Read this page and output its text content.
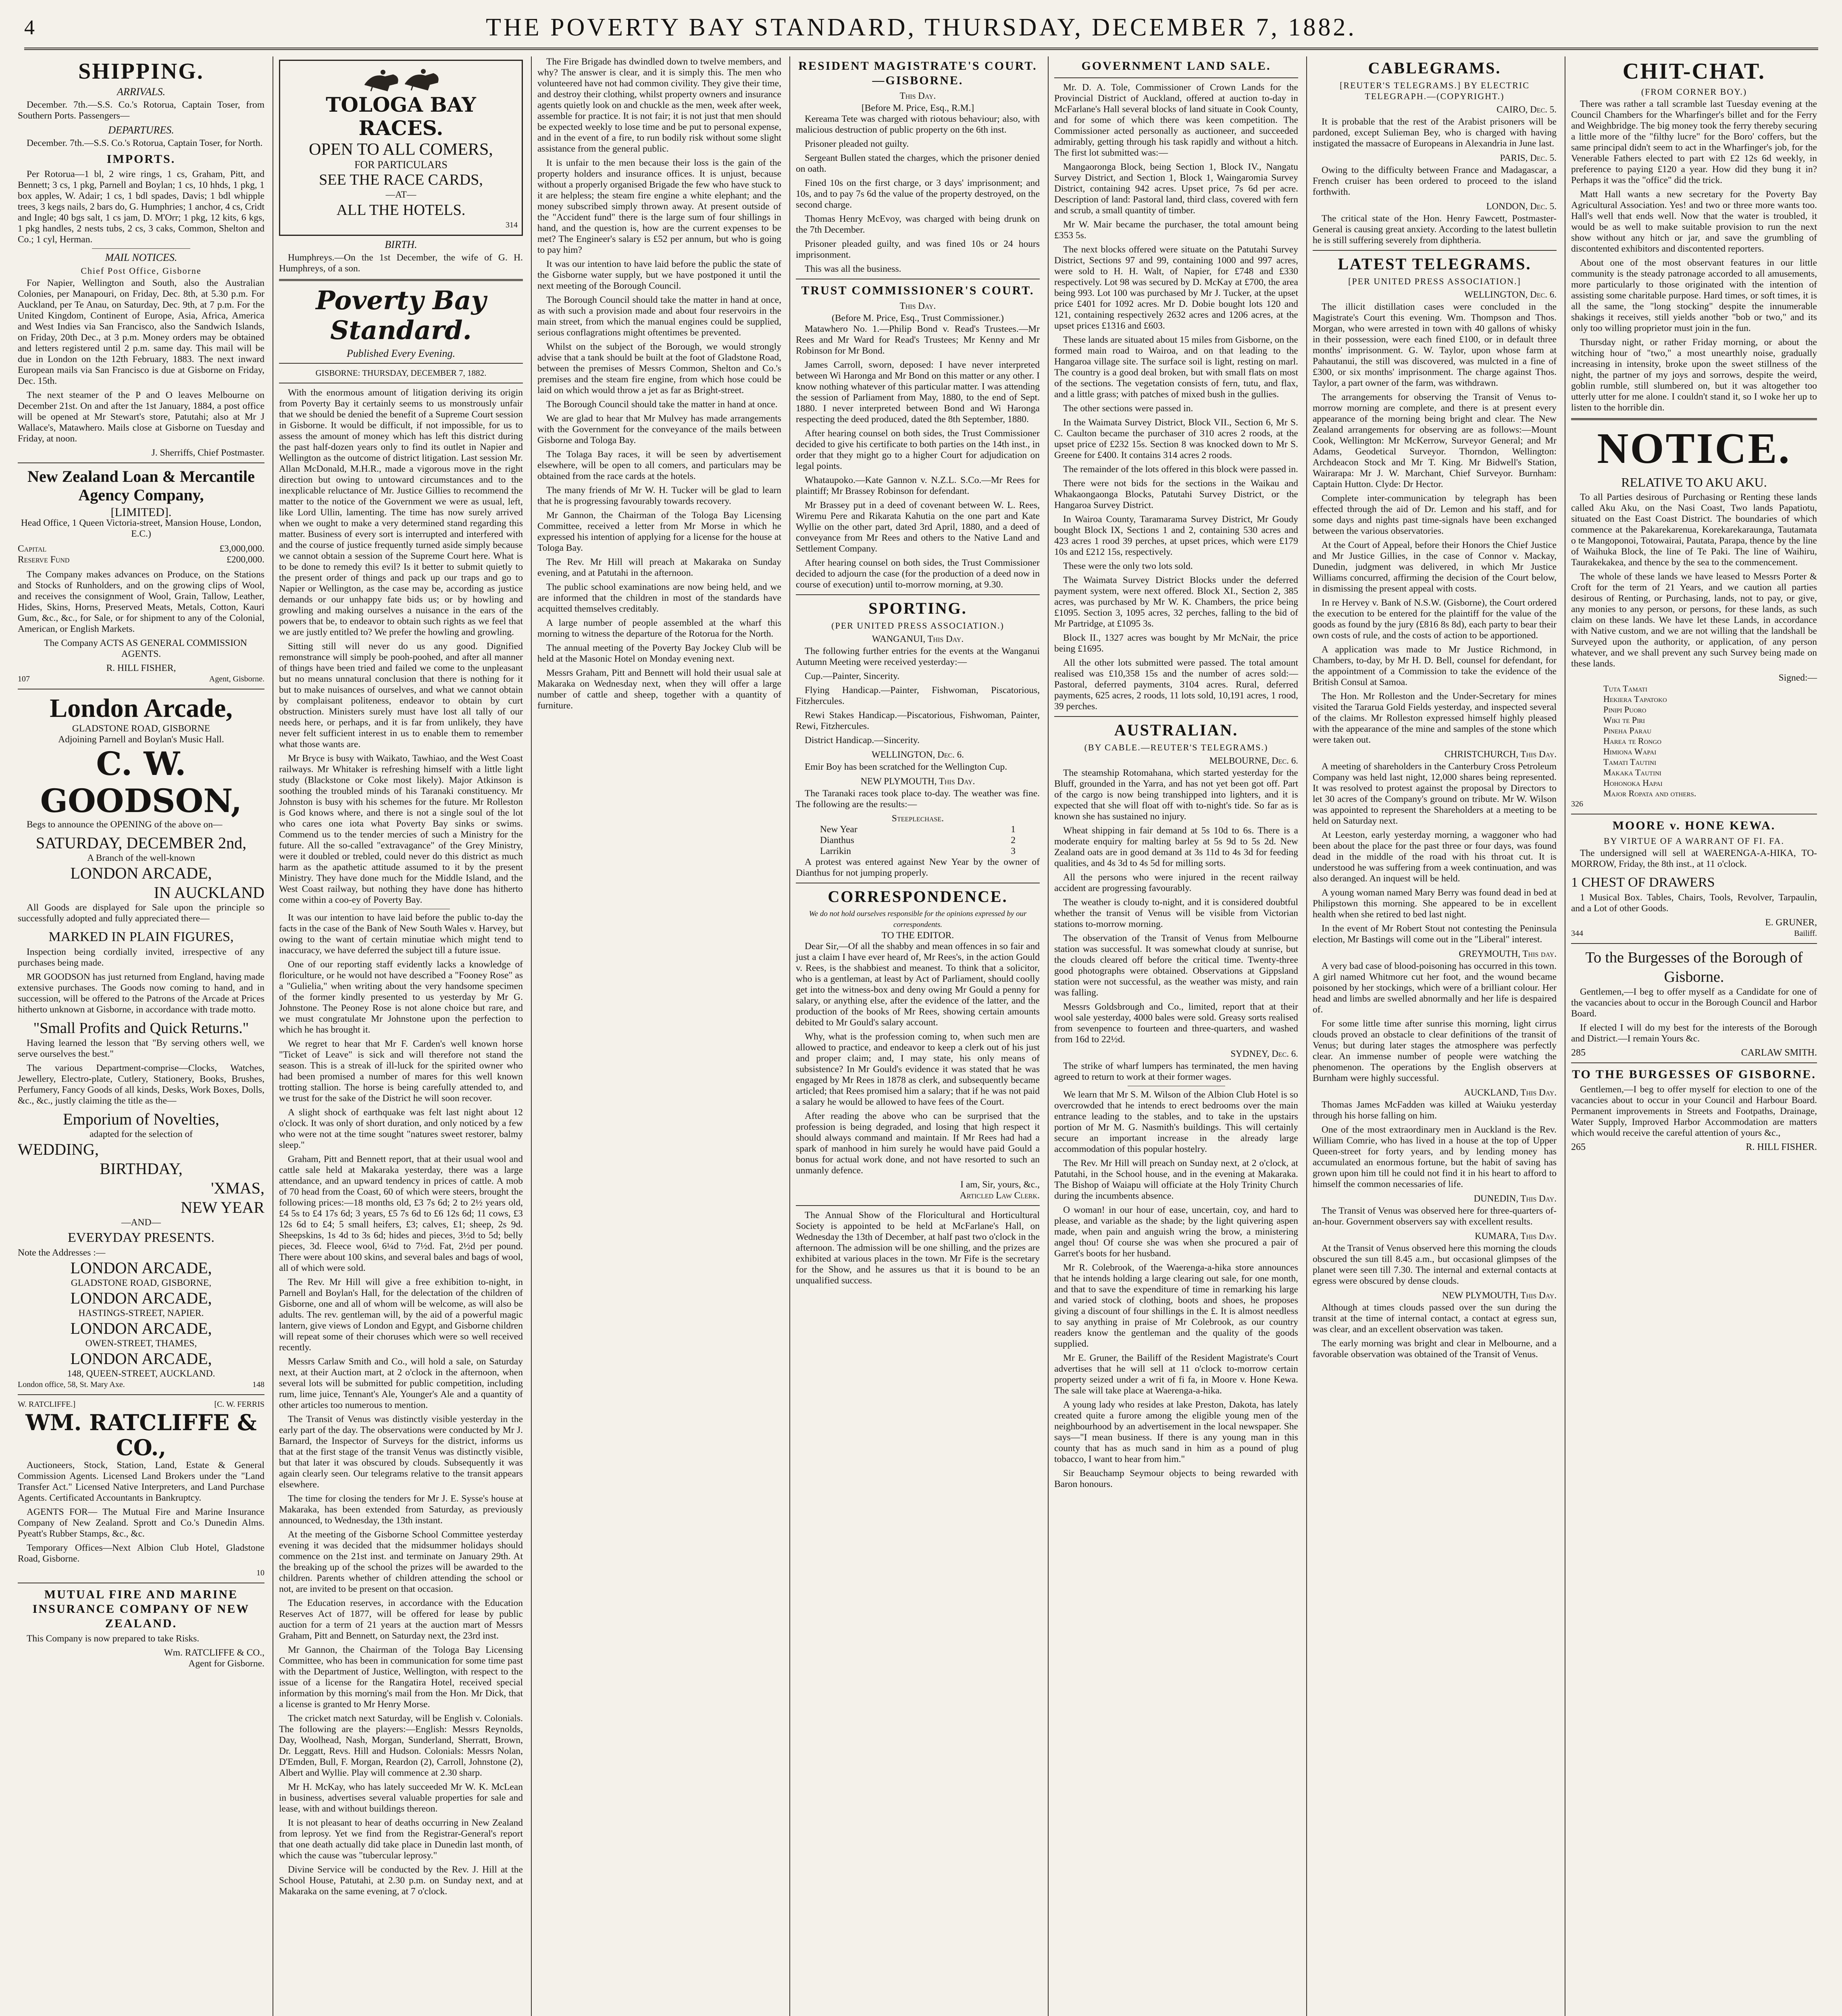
4	THE POVERTY BAY STANDARD, THURSDAY, DECEMBER 7, 1882.
SHIPPING.
ARRIVALS.

December. 7th.—S.S. Co.'s Rotorua, Captain Toser, from Southern Ports. Passengers—

DEPARTURES.

December. 7th.—S.S. Co.'s Rotorua, Captain Toser, for North.

IMPORTS.

Per Rotorua—1 bl, 2 wire rings, 1 cs, Graham, Pitt, and Bennett; 3 cs, 1 pkg, Parnell and Boylan; 1 cs, 10 hhds, 1 pkg, 1 box apples, W. Adair; 1 cs, 1 bdl spades, Davis; 1 bdl whipple trees, 3 kegs nails, 2 bars do, G. Humphries; 1 anchor, 4 cs, Cridt and Ingle; 40 bgs salt, 1 cs jam, D. M'Orr; 1 pkg, 12 kits, 6 kgs, 1 pkg handles, 2 nests tubs, 2 cs, 3 caks, Common, Shelton and Co.; 1 cyl, Herman.

MAIL NOTICES.
Chief Post Office, Gisborne

For Napier, Wellington and South, also the Australian Colonies, per Manapouri, on Friday, Dec. 8th, at 5.30 p.m. For Auckland, per Te Anau, on Saturday, Dec. 9th, at 7 p.m. For the United Kingdom, Continent of Europe, Asia, Africa, America and West Indies via San Francisco, also the Sandwich Islands, on Friday, 20th Dec., at 3 p.m. Money orders may be obtained and letters registered until 2 p.m. same day. This mail will be due in London on the 12th February, 1883. The next inward European mails via San Francisco is due at Gisborne on Friday, Dec. 15th.

The next steamer of the P and O leaves Melbourne on December 21st. On and after the 1st January, 1884, a post office will be opened at Mr Stewart's store, Patutahi; also at Mr J Wallace's, Matawhero. Mails close at Gisborne on Tuesday and Friday, at noon.

J. Sherriffs, Chief Postmaster.
New Zealand Loan & Mercantile Agency Company,
[LIMITED].
Head Office, 1 Queen Victoria-street, Mansion House, London, E.C.)
Capital	£3,000,000.
Reserve Fund	£200,000.

The Company makes advances on Produce, on the Stations and Stocks of Runholders, and on the growing clips of Wool, and receives the consignment of Wool, Grain, Tallow, Leather, Hides, Skins, Horns, Preserved Meats, Metals, Cotton, Kauri Gum, &c., &c., for Sale, or for shipment to any of the Colonial, American, or English Markets.

The Company ACTS AS GENERAL COMMISSION AGENTS.

R. HILL FISHER,
107	Agent, Gisborne.
London Arcade,
GLADSTONE ROAD, GISBORNE
Adjoining Parnell and Boylan's Music Hall.
C. W. GOODSON,

Begs to announce the OPENING of the above on—

SATURDAY, DECEMBER 2nd,
A Branch of the well-known
LONDON ARCADE,
IN AUCKLAND

All Goods are displayed for Sale upon the principle so successfully adopted and fully appreciated there—

MARKED IN PLAIN FIGURES,

Inspection being cordially invited, irrespective of any purchases being made.

MR GOODSON has just returned from England, having made extensive purchases. The Goods now coming to hand, and in succession, will be offered to the Patrons of the Arcade at Prices hitherto unknown at Gisborne, in accordance with trade motto.

"Small Profits and Quick Returns."

Having learned the lesson that "By serving others well, we serve ourselves the best."

The various Department-comprise—Clocks, Watches, Jewellery, Electro-plate, Cutlery, Stationery, Books, Brushes, Perfumery, Fancy Goods of all kinds, Desks, Work Boxes, Dolls, &c., &c., justly claiming the title as the—

Emporium of Novelties,
adapted for the selection of
WEDDING,
BIRTHDAY,
'XMAS,
NEW YEAR
—AND—
EVERYDAY PRESENTS.
Note the Addresses :—
LONDON ARCADE,
GLADSTONE ROAD, GISBORNE,
LONDON ARCADE,
HASTINGS-STREET, NAPIER.
LONDON ARCADE,
OWEN-STREET, THAMES,
LONDON ARCADE,
148, QUEEN-STREET, AUCKLAND.
London office, 58, St. Mary Axe.	148
W. RATCLIFFE.]	[C. W. FERRIS
WM. RATCLIFFE & CO.,

Auctioneers, Stock, Station, Land, Estate & General Commission Agents. Licensed Land Brokers under the "Land Transfer Act." Licensed Native Interpreters, and Land Purchase Agents. Certificated Accountants in Bankruptcy.

AGENTS FOR— The Mutual Fire and Marine Insurance Company of New Zealand. Sprott and Co.'s Dunedin Alms. Pyeatt's Rubber Stamps, &c., &c.

Temporary Offices—Next Albion Club Hotel, Gladstone Road, Gisborne.

10
MUTUAL FIRE AND MARINE INSURANCE COMPANY OF NEW ZEALAND.

This Company is now prepared to take Risks.

Wm. RATCLIFFE & CO.,
Agent for Gisborne.
TOLOGA BAY RACES.
OPEN TO ALL COMERS,
FOR PARTICULARS
SEE THE RACE CARDS,
—AT—
ALL THE HOTELS.
314
BIRTH.

Humphreys.—On the 1st December, the wife of G. H. Humphreys, of a son.

Poverty Bay Standard.
Published Every Evening.
GISBORNE: THURSDAY, DECEMBER 7, 1882.

With the enormous amount of litigation deriving its origin from Poverty Bay it certainly seems to us monstrously unfair that we should be denied the benefit of a Supreme Court session in Gisborne. It would be difficult, if not impossible, for us to assess the amount of money which has left this district during the past half-dozen years only to find its outlet in Napier and Wellington as the outcome of district litigation. Last session Mr. Allan McDonald, M.H.R., made a vigorous move in the right direction but owing to untoward circumstances and to the inexplicable reluctance of Mr. Justice Gillies to recommend the matter to the notice of the Government we were as usual, left, like Lord Ullin, lamenting. The time has now surely arrived when we ought to make a very determined stand regarding this matter. Business of every sort is interrupted and interfered with and the course of justice frequently turned aside simply because we cannot obtain a session of the Supreme Court here. What is to be done to remedy this evil? Is it better to submit quietly to the present order of things and pack up our traps and go to Napier or Wellington, as the case may be, according as justice demands or our unhappy fate bids us; or by howling and growling and making ourselves a nuisance in the ears of the powers that be, to endeavor to obtain such rights as we feel that we are justly entitled to? We prefer the howling and growling.

Sitting still will never do us any good. Dignified remonstrance will simply be pooh-poohed, and after all manner of things have been tried and failed we come to the unpleasant but no means unnatural conclusion that there is nothing for it but to make nuisances of ourselves, and what we cannot obtain by complaisant politeness, endeavor to obtain by curt obstruction. Ministers surely must have lost all tally of our needs here, or perhaps, and it is far from unlikely, they have never felt sufficient interest in us to enable them to remember what those wants are.

Mr Bryce is busy with Waikato, Tawhiao, and the West Coast railways. Mr Whitaker is refreshing himself with a little light study (Blackstone or Coke most likely). Major Atkinson is soothing the troubled minds of his Taranaki constituency. Mr Johnston is busy with his schemes for the future. Mr Rolleston is God knows where, and there is not a single soul of the lot who cares one iota what Poverty Bay sinks or swims. Commend us to the tender mercies of such a Ministry for the future. All the so-called "extravagance" of the Grey Ministry, were it doubled or trebled, could never do this district as much harm as the apathetic attitude assumed to it by the present Ministry. They have done much for the Middle Island, and the West Coast railway, but nothing they have done has hitherto come within a coo-ey of Poverty Bay.

It was our intention to have laid before the public to-day the facts in the case of the Bank of New South Wales v. Harvey, but owing to the want of certain minutiae which might tend to inaccuracy, we have deferred the subject till a future issue.

One of our reporting staff evidently lacks a knowledge of floriculture, or he would not have described a "Fooney Rose" as a "Gulielia," when writing about the very handsome specimen of the former kindly presented to us yesterday by Mr G. Johnstone. The Peoney Rose is not alone choice but rare, and we must congratulate Mr Johnstone upon the perfection to which he has brought it.

We regret to hear that Mr F. Carden's well known horse "Ticket of Leave" is sick and will therefore not stand the season. This is a streak of ill-luck for the spirited owner who had been promised a number of mares for this well known trotting stallion. The horse is being carefully attended to, and we trust for the sake of the District he will soon recover.

A slight shock of earthquake was felt last night about 12 o'clock. It was only of short duration, and only noticed by a few who were not at the time sought "natures sweet restorer, balmy sleep."

Graham, Pitt and Bennett report, that at their usual wool and cattle sale held at Makaraka yesterday, there was a large attendance, and an upward tendency in prices of cattle. A mob of 70 head from the Coast, 60 of which were steers, brought the following prices:—18 months old, £3 7s 6d; 2 to 2½ years old, £4 5s to £4 17s 6d; 3 years, £5 7s 6d to £6 12s 6d; 11 cows, £3 12s 6d to £4; 5 small heifers, £3; calves, £1; sheep, 2s 9d. Sheepskins, 1s 4d to 3s 6d; hides and pieces, 3½d to 5d; belly pieces, 3d. Fleece wool, 6¼d to 7½d. Fat, 2½d per pound. There were about 100 skins, and several bales and bags of wool, all of which were sold.

The Rev. Mr Hill will give a free exhibition to-night, in Parnell and Boylan's Hall, for the delectation of the children of Gisborne, one and all of whom will be welcome, as will also be adults. The rev. gentleman will, by the aid of a powerful magic lantern, give views of London and Egypt, and Gisborne children will repeat some of their choruses which were so well received recently.

Messrs Carlaw Smith and Co., will hold a sale, on Saturday next, at their Auction mart, at 2 o'clock in the afternoon, when several lots will be submitted for public competition, including rum, lime juice, Tennant's Ale, Younger's Ale and a quantity of other articles too numerous to mention.

The Transit of Venus was distinctly visible yesterday in the early part of the day. The observations were conducted by Mr J. Barnard, the Inspector of Surveys for the district, informs us that at the first stage of the transit Venus was distinctly visible, but that later it was obscured by clouds. Subsequently it was again clearly seen. Our telegrams relative to the transit appears elsewhere.

The time for closing the tenders for Mr J. E. Sysse's house at Makaraka, has been extended from Saturday, as previously announced, to Wednesday, the 13th instant.

At the meeting of the Gisborne School Committee yesterday evening it was decided that the midsummer holidays should commence on the 21st inst. and terminate on January 29th. At the breaking up of the school the prizes will be awarded to the children. Parents whether of children attending the school or not, are invited to be present on that occasion.

The Education reserves, in accordance with the Education Reserves Act of 1877, will be offered for lease by public auction for a term of 21 years at the auction mart of Messrs Graham, Pitt and Bennett, on Saturday next, the 23rd inst.

Mr Gannon, the Chairman of the Tologa Bay Licensing Committee, who has been in communication for some time past with the Department of Justice, Wellington, with respect to the issue of a license for the Rangatira Hotel, received special information by this morning's mail from the Hon. Mr Dick, that a license is granted to Mr Henry Morse.

The cricket match next Saturday, will be English v. Colonials. The following are the players:—English: Messrs Reynolds, Day, Woolhead, Nash, Morgan, Sunderland, Sherratt, Brown, Dr. Leggatt, Revs. Hill and Hudson. Colonials: Messrs Nolan, D'Emden, Bull, F. Morgan, Reardon (2), Carroll, Johnstone (2), Albert and Wyllie. Play will commence at 2.30 sharp.

Mr H. McKay, who has lately succeeded Mr W. K. McLean in business, advertises several valuable properties for sale and lease, with and without buildings thereon.

It is not pleasant to hear of deaths occurring in New Zealand from leprosy. Yet we find from the Registrar-General's report that one death actually did take place in Dunedin last month, of which the cause was "tubercular leprosy."

Divine Service will be conducted by the Rev. J. Hill at the School House, Patutahi, at 2.30 p.m. on Sunday next, and at Makaraka on the same evening, at 7 o'clock.

The Fire Brigade has dwindled down to twelve members, and why? The answer is clear, and it is simply this. The men who volunteered have not had common civility. They give their time, and destroy their clothing, whilst property owners and insurance agents quietly look on and chuckle as the men, week after week, assemble for practice. It is not fair; it is not just that men should be expected weekly to lose time and be put to personal expense, and in the event of a fire, to run bodily risk without some slight assistance from the general public.

It is unfair to the men because their loss is the gain of the property holders and insurance offices. It is unjust, because without a properly organised Brigade the few who have stuck to it are helpless; the steam fire engine a white elephant; and the money subscribed simply thrown away. At present outside of the "Accident fund" there is the large sum of four shillings in hand, and the question is, how are the current expenses to be met? The Engineer's salary is £52 per annum, but who is going to pay him?

It was our intention to have laid before the public the state of the Gisborne water supply, but we have postponed it until the next meeting of the Borough Council.

The Borough Council should take the matter in hand at once, as with such a provision made and about four reservoirs in the main street, from which the manual engines could be supplied, serious conflagrations might oftentimes be prevented.

Whilst on the subject of the Borough, we would strongly advise that a tank should be built at the foot of Gladstone Road, between the premises of Messrs Common, Shelton and Co.'s premises and the steam fire engine, from which hose could be laid on which would throw a jet as far as Bright-street.

The Borough Council should take the matter in hand at once.

We are glad to hear that Mr Mulvey has made arrangements with the Government for the conveyance of the mails between Gisborne and Tologa Bay.

The Tolaga Bay races, it will be seen by advertisement elsewhere, will be open to all comers, and particulars may be obtained from the race cards at the hotels.

The many friends of Mr W. H. Tucker will be glad to learn that he is progressing favourably towards recovery.

Mr Gannon, the Chairman of the Tologa Bay Licensing Committee, received a letter from Mr Morse in which he expressed his intention of applying for a license for the house at Tologa Bay.

The Rev. Mr Hill will preach at Makaraka on Sunday evening, and at Patutahi in the afternoon.

The public school examinations are now being held, and we are informed that the children in most of the standards have acquitted themselves creditably.

A large number of people assembled at the wharf this morning to witness the departure of the Rotorua for the North.

The annual meeting of the Poverty Bay Jockey Club will be held at the Masonic Hotel on Monday evening next.

Messrs Graham, Pitt and Bennett will hold their usual sale at Makaraka on Wednesday next, when they will offer a large number of cattle and sheep, together with a quantity of furniture.

RESIDENT MAGISTRATE'S COURT.—GISBORNE.
This Day.
[Before M. Price, Esq., R.M.]

Kereama Tete was charged with riotous behaviour; also, with malicious destruction of public property on the 6th inst.

Prisoner pleaded not guilty.

Sergeant Bullen stated the charges, which the prisoner denied on oath.

Fined 10s on the first charge, or 3 days' imprisonment; and 10s, and to pay 7s 6d the value of the property destroyed, on the second charge.

Thomas Henry McEvoy, was charged with being drunk on the 7th December.

Prisoner pleaded guilty, and was fined 10s or 24 hours imprisonment.

This was all the business.

TRUST COMMISSIONER'S COURT.
This Day.
(Before M. Price, Esq., Trust Commissioner.)

Matawhero No. 1.—Philip Bond v. Read's Trustees.—Mr Rees and Mr Ward for Read's Trustees; Mr Kenny and Mr Robinson for Mr Bond.

James Carroll, sworn, deposed: I have never interpreted between Wi Haronga and Mr Bond on this matter or any other. I know nothing whatever of this particular matter. I was attending the session of Parliament from May, 1880, to the end of Sept. 1880. I never interpreted between Bond and Wi Haronga respecting the deed produced, dated the 8th September, 1880.

After hearing counsel on both sides, the Trust Commissioner decided to give his certificate to both parties on the 14th inst., in order that they might go to a higher Court for adjudication on legal points.

Whataupoko.—Kate Gannon v. N.Z.L. S.Co.—Mr Rees for plaintiff; Mr Brassey Robinson for defendant.

Mr Brassey put in a deed of covenant between W. L. Rees, Wiremu Pere and Rikarata Kahutia on the one part and Kate Wyllie on the other part, dated 3rd April, 1880, and a deed of conveyance from Mr Rees and others to the Native Land and Settlement Company.

After hearing counsel on both sides, the Trust Commissioner decided to adjourn the case (for the production of a deed now in course of execution) until to-morrow morning, at 9.30.

SPORTING.
(PER UNITED PRESS ASSOCIATION.)
WANGANUI, This Day.

The following further entries for the events at the Wanganui Autumn Meeting were received yesterday:—

Cup.—Painter, Sincerity.

Flying Handicap.—Painter, Fishwoman, Piscatorious, Fitzhercules.

Rewi Stakes Handicap.—Piscatorious, Fishwoman, Painter, Rewi, Fitzhercules.

District Handicap.—Sincerity.

WELLINGTON, Dec. 6.

Emir Boy has been scratched for the Wellington Cup.

NEW PLYMOUTH, This Day.

The Taranaki races took place to-day. The weather was fine. The following are the results:—

Steeplechase.
New Year	1
Dianthus	2
Larrikin	3

A protest was entered against New Year by the owner of Dianthus for not jumping properly.

CORRESPONDENCE.
We do not hold ourselves responsible for the opinions expressed by our correspondents.
TO THE EDITOR.

Dear Sir,—Of all the shabby and mean offences in so fair and just a claim I have ever heard of, Mr Rees's, in the action Gould v. Rees, is the shabbiest and meanest. To think that a solicitor, who is a gentleman, at least by Act of Parliament, should coolly get into the witness-box and deny owing Mr Gould a penny for salary, or anything else, after the evidence of the latter, and the production of the books of Mr Rees, showing certain amounts debited to Mr Gould's salary account.

Why, what is the profession coming to, when such men are allowed to practice, and endeavor to keep a clerk out of his just and proper claim; and, I may state, his only means of subsistence? In Mr Gould's evidence it was stated that he was engaged by Mr Rees in 1878 as clerk, and subsequently became articled; that Rees promised him a salary; that if he was not paid a salary he would be allowed to have fees of the Court.

After reading the above who can be surprised that the profession is being degraded, and losing that high respect it should always command and maintain. If Mr Rees had had a spark of manhood in him surely he would have paid Gould a bonus for actual work done, and not have resorted to such an unmanly defence.

I am, Sir, yours, &c.,
Articled Law Clerk.

The Annual Show of the Floricultural and Horticultural Society is appointed to be held at McFarlane's Hall, on Wednesday the 13th of December, at half past two o'clock in the afternoon. The admission will be one shilling, and the prizes are exhibited at various places in the town. Mr Fife is the secretary for the Show, and he assures us that it is bound to be an unqualified success.

GOVERNMENT LAND SALE.

Mr. D. A. Tole, Commissioner of Crown Lands for the Provincial District of Auckland, offered at auction to-day in McFarlane's Hall several blocks of land situate in Cook County, and for some of which there was keen competition. The Commissioner acted personally as auctioneer, and succeeded admirably, getting through his task rapidly and without a hitch. The first lot submitted was:—

Mangaoronga Block, being Section 1, Block IV., Nangatu Survey District, and Section 1, Block 1, Waingaromia Survey District, containing 942 acres. Upset price, 7s 6d per acre. Description of land: Pastoral land, third class, covered with fern and scrub, a small quantity of timber.

Mr W. Mair became the purchaser, the total amount being £353 5s.

The next blocks offered were situate on the Patutahi Survey District, Sections 97 and 99, containing 1000 and 997 acres, were sold to H. H. Walt, of Napier, for £748 and £330 respectively. Lot 98 was secured by D. McKay at £700, the area being 993. Lot 100 was purchased by Mr J. Tucker, at the upset price £401 for 1092 acres. Mr D. Dobie bought lots 120 and 121, containing respectively 2632 acres and 1206 acres, at the upset prices £1316 and £603.

These lands are situated about 15 miles from Gisborne, on the formed main road to Wairoa, and on that leading to the Hangaroa village site. The surface soil is light, resting on marl. The country is a good deal broken, but with small flats on most of the sections. The vegetation consists of fern, tutu, and flax, and a little grass; with patches of mixed bush in the gullies.

The other sections were passed in.

In the Waimata Survey District, Block VII., Section 6, Mr S. C. Caulton became the purchaser of 310 acres 2 roods, at the upset price of £232 15s. Section 8 was knocked down to Mr S. Greene for £400. It contains 314 acres 2 roods.

The remainder of the lots offered in this block were passed in.

There were not bids for the sections in the Waikau and Whakaongaonga Blocks, Patutahi Survey District, or the Hangaroa Survey District.

In Wairoa County, Taramarama Survey District, Mr Goudy bought Block IX, Sections 1 and 2, containing 530 acres and 423 acres 1 rood 39 perches, at upset prices, which were £179 10s and £212 15s, respectively.

These were the only two lots sold.

The Waimata Survey District Blocks under the deferred payment system, were next offered. Block XI., Section 2, 385 acres, was purchased by Mr W. K. Chambers, the price being £1095. Section 3, 1095 acres, 32 perches, falling to the bid of Mr Partridge, at £1095 3s.

Block II., 1327 acres was bought by Mr McNair, the price being £1695.

All the other lots submitted were passed. The total amount realised was £10,358 15s and the number of acres sold:—Pastoral, deferred payments, 3104 acres. Rural, deferred payments, 625 acres, 2 roods, 11 lots sold, 10,191 acres, 1 rood, 39 perches.

AUSTRALIAN.
(BY CABLE.—REUTER'S TELEGRAMS.)
MELBOURNE, Dec. 6.

The steamship Rotomahana, which started yesterday for the Bluff, grounded in the Yarra, and has not yet been got off. Part of the cargo is now being transhipped into lighters, and it is expected that she will float off with to-night's tide. So far as is known she has sustained no injury.

Wheat shipping in fair demand at 5s 10d to 6s. There is a moderate enquiry for malting barley at 5s 9d to 5s 2d. New Zealand oats are in good demand at 3s 11d to 4s 3d for feeding qualities, and 4s 3d to 4s 5d for milling sorts.

All the persons who were injured in the recent railway accident are progressing favourably.

The weather is cloudy to-night, and it is considered doubtful whether the transit of Venus will be visible from Victorian stations to-morrow morning.

The observation of the Transit of Venus from Melbourne station was successful. It was somewhat cloudy at sunrise, but the clouds cleared off before the critical time. Twenty-three good photographs were obtained. Observations at Gippsland station were not successful, as the weather was misty, and rain was falling.

Messrs Goldsbrough and Co., limited, report that at their wool sale yesterday, 4000 bales were sold. Greasy sorts realised from sevenpence to fourteen and three-quarters, and washed from 16d to 22½d.

SYDNEY, Dec. 6.

The strike of wharf lumpers has terminated, the men having agreed to return to work at their former wages.

We learn that Mr S. M. Wilson of the Albion Club Hotel is so overcrowded that he intends to erect bedrooms over the main entrance leading to the stables, and to take in the upstairs portion of Mr M. G. Nasmith's buildings. This will certainly secure an important increase in the already large accommodation of this popular hostelry.

The Rev. Mr Hill will preach on Sunday next, at 2 o'clock, at Patutahi, in the School house, and in the evening at Makaraka. The Bishop of Waiapu will officiate at the Holy Trinity Church during the incumbents absence.

O woman! in our hour of ease, uncertain, coy, and hard to please, and variable as the shade; by the light quivering aspen made, when pain and anguish wring the brow, a ministering angel thou! Of course she was when she procured a pair of Garret's boots for her husband.

Mr R. Colebrook, of the Waerenga-a-hika store announces that he intends holding a large clearing out sale, for one month, and that to save the expenditure of time in remarking his large and varied stock of clothing, boots and shoes, he proposes giving a discount of four shillings in the £. It is almost needless to say anything in praise of Mr Colebrook, as our country readers know the gentleman and the quality of the goods supplied.

Mr E. Gruner, the Bailiff of the Resident Magistrate's Court advertises that he will sell at 11 o'clock to-morrow certain property seized under a writ of fi fa, in Moore v. Hone Kewa. The sale will take place at Waerenga-a-hika.

A young lady who resides at lake Preston, Dakota, has lately created quite a furore among the eligible young men of the neighbourhood by an advertisement in the local newspaper. She says—"I mean business. If there is any young man in this county that has as much sand in him as a pound of plug tobacco, I want to hear from him."

Sir Beauchamp Seymour objects to being rewarded with Baron honours.

CABLEGRAMS.
[REUTER'S TELEGRAMS.] BY ELECTRIC TELEGRAPH.—(COPYRIGHT.)
CAIRO, Dec. 5.

It is probable that the rest of the Arabist prisoners will be pardoned, except Sulieman Bey, who is charged with having instigated the massacre of Europeans in Alexandria in June last.

PARIS, Dec. 5.

Owing to the difficulty between France and Madagascar, a French cruiser has been ordered to proceed to the island forthwith.

LONDON, Dec. 5.

The critical state of the Hon. Henry Fawcett, Postmaster-General is causing great anxiety. According to the latest bulletin he is still suffering severely from diphtheria.

LATEST TELEGRAMS.
[PER UNITED PRESS ASSOCIATION.]
WELLINGTON, Dec. 6.

The illicit distillation cases were concluded in the Magistrate's Court this evening. Wm. Thompson and Thos. Morgan, who were arrested in town with 40 gallons of whisky in their possession, were each fined £100, or in default three months' imprisonment. G. W. Taylor, upon whose farm at Pahautanui, the still was discovered, was mulcted in a fine of £300, or six months' imprisonment. The charge against Thos. Taylor, a part owner of the farm, was withdrawn.

The arrangements for observing the Transit of Venus to-morrow morning are complete, and there is at present every appearance of the morning being bright and clear. The New Zealand arrangements for observing are as follows:—Mount Cook, Wellington: Mr McKerrow, Surveyor General; and Mr Adams, Geodetical Surveyor. Thorndon, Wellington: Archdeacon Stock and Mr T. King. Mr Bidwell's Station, Wairarapa: Mr J. W. Marchant, Chief Surveyor. Burnham: Captain Hutton. Clyde: Dr Hector.

Complete inter-communication by telegraph has been effected through the aid of Dr. Lemon and his staff, and for some days and nights past time-signals have been exchanged between the various observatories.

At the Court of Appeal, before their Honors the Chief Justice and Mr Justice Gillies, in the case of Connor v. Mackay, Dunedin, judgment was delivered, in which Mr Justice Williams concurred, affirming the decision of the Court below, in dismissing the present appeal with costs.

In re Hervey v. Bank of N.S.W. (Gisborne), the Court ordered the execution to be entered for the plaintiff for the value of the goods as found by the jury (£816 8s 8d), each party to bear their own costs of rule, and the costs of action to be apportioned.

A application was made to Mr Justice Richmond, in Chambers, to-day, by Mr H. D. Bell, counsel for defendant, for the appointment of a Commission to take the evidence of the British Consul at Samoa.

The Hon. Mr Rolleston and the Under-Secretary for mines visited the Tararua Gold Fields yesterday, and inspected several of the claims. Mr Rolleston expressed himself highly pleased with the appearance of the mine and samples of the stone which were taken out.

CHRISTCHURCH, This Day.

A meeting of shareholders in the Canterbury Cross Petroleum Company was held last night, 12,000 shares being represented. It was resolved to protest against the proposal by Directors to let 30 acres of the Company's ground on tribute. Mr W. Wilson was appointed to represent the Shareholders at a meeting to be held on Saturday next.

At Leeston, early yesterday morning, a waggoner who had been about the place for the past three or four days, was found dead in the middle of the road with his throat cut. It is understood he was suffering from a week continuation, and was also deranged. An inquest will be held.

A young woman named Mary Berry was found dead in bed at Philipstown this morning. She appeared to be in excellent health when she retired to bed last night.

In the event of Mr Robert Stout not contesting the Peninsula election, Mr Bastings will come out in the "Liberal" interest.

GREYMOUTH, This day.

A very bad case of blood-poisoning has occurred in this town. A girl named Whitmore cut her foot, and the wound became poisoned by her stockings, which were of a brilliant colour. Her head and limbs are swelled abnormally and her life is despaired of.

For some little time after sunrise this morning, light cirrus clouds proved an obstacle to clear definitions of the transit of Venus; but during later stages the atmosphere was perfectly clear. An immense number of people were watching the phenomenon. The operations by the English observers at Burnham were highly successful.

AUCKLAND, This Day.

Thomas James McFadden was killed at Waiuku yesterday through his horse falling on him.

One of the most extraordinary men in Auckland is the Rev. William Comrie, who has lived in a house at the top of Upper Queen-street for forty years, and by lending money has accumulated an enormous fortune, but the habit of saving has grown upon him till he could not find it in his heart to afford to himself the common necessaries of life.

DUNEDIN, This Day.

The Transit of Venus was observed here for three-quarters of-an-hour. Government observers say with excellent results.

KUMARA, This Day.

At the Transit of Venus observed here this morning the clouds obscured the sun till 8.45 a.m., but occasional glimpses of the planet were seen till 7.30. The internal and external contacts at egress were obscured by dense clouds.

NEW PLYMOUTH, This Day.

Although at times clouds passed over the sun during the transit at the time of internal contact, a contact at egress sun, was clear, and an excellent observation was taken.

The early morning was bright and clear in Melbourne, and a favorable observation was obtained of the Transit of Venus.

CHIT-CHAT.
(FROM CORNER BOY.)

There was rather a tall scramble last Tuesday evening at the Council Chambers for the Wharfinger's billet and for the Ferry and Weighbridge. The big money took the ferry thereby securing a little more of the "filthy lucre" for the Boro' coffers, but the same principal didn't seem to act in the Wharfinger's job, for the Venerable Fathers elected to part with £2 12s 6d weekly, in preference to paying £120 a year. How did they bung it in? Perhaps it was the "office" did the trick.

Matt Hall wants a new secretary for the Poverty Bay Agricultural Association. Yes! and two or three more wants too. Hall's well that ends well. Now that the water is troubled, it would be as well to make suitable provision to run the next show without any hitch or jar, and save the grumbling of discontented exhibitors and discontented reporters.

About one of the most observant features in our little community is the steady patronage accorded to all amusements, more particularly to those originated with the intention of assisting some charitable purpose. Hard times, or soft times, it is all the same, the "long stocking" despite the innumerable shakings it receives, still yields another "bob or two," and its only too willing proprietor must join in the fun.

Thursday night, or rather Friday morning, or about the witching hour of "two," a most unearthly noise, gradually increasing in intensity, broke upon the sweet stillness of the night, the partner of my joys and sorrows, despite the weird, goblin rumble, still slumbered on, but it was altogether too utterly utter for me alone. I couldn't stand it, so I woke her up to listen to the horrible din.

NOTICE.
RELATIVE TO AKU AKU.

To all Parties desirous of Purchasing or Renting these lands called Aku Aku, on the Nasi Coast, Two lands Papatiotu, situated on the East Coast District. The boundaries of which commence at the Pakarekarenua, Korekarekaraunga, Tautamata o te Mangoponoi, Totowairai, Pautata, Parapa, thence by the line of Waihuka Block, the line of Te Paki. The line of Waihiru, Taurakekakea, and thence by the sea to the commencement.

The whole of these lands we have leased to Messrs Porter & Croft for the term of 21 Years, and we caution all parties desirous of Renting, or Purchasing, lands, not to pay, or give, any monies to any person, or persons, for these lands, as such claim on these lands. We have let these Lands, in accordance with Native custom, and we are not willing that the landshall be Surveyed upon the authority, or application, of any person whatever, and we shall prevent any such Survey being made on these lands.

Signed:—
Tuta Tamati
Hekiera Tapatoko
Pinipi Puoro
Wiki te Piri
Pineha Parau
Harea te Rongo
Himiona Wapai
Tamati Tautini
Makaka Tautini
Hohonoka Hapai
Major Ropata and others.
326
MOORE v. HONE KEWA.
BY VIRTUE OF A WARRANT OF FI. FA.

The undersigned will sell at WAERENGA-A-HIKA, TO-MORROW, Friday, the 8th inst., at 11 o'clock.

1 CHEST OF DRAWERS

1 Musical Box. Tables, Chairs, Tools, Revolver, Tarpaulin, and a Lot of other Goods.

E. GRUNER,
344	Bailiff.
To the Burgesses of the Borough of Gisborne.

Gentlemen,—I beg to offer myself as a Candidate for one of the vacancies about to occur in the Borough Council and Harbor Board.

If elected I will do my best for the interests of the Borough and District.—I remain Yours &c.

285	CARLAW SMITH.
TO THE BURGESSES OF GISBORNE.

Gentlemen,—I beg to offer myself for election to one of the vacancies about to occur in your Council and Harbour Board. Permanent improvements in Streets and Footpaths, Drainage, Water Supply, Improved Harbor Accommodation are matters which would receive the careful attention of yours &c.,

265	R. HILL FISHER.
